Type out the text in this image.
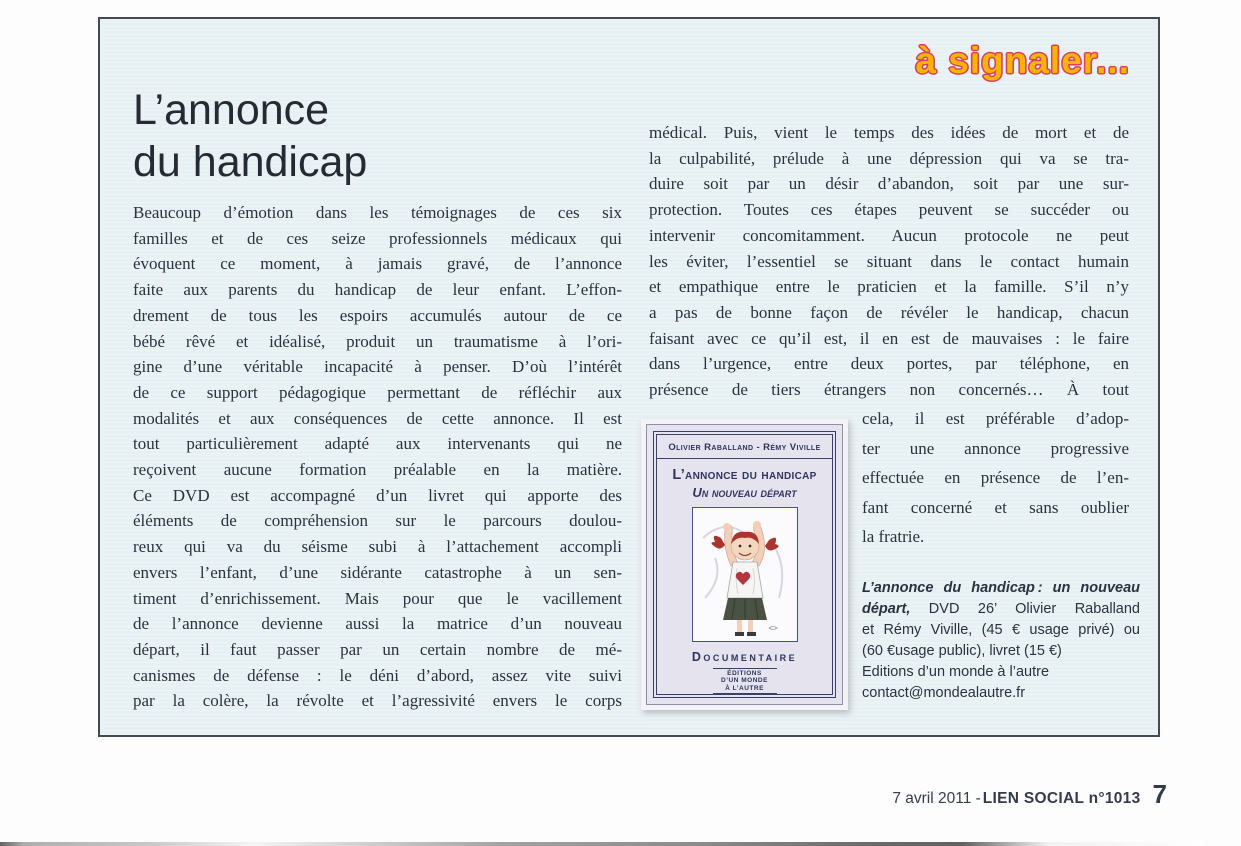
à signaler...
L’annonce
du handicap
Beaucoup d’émotion dans les témoignages de ces six
familles et de ces seize professionnels médicaux qui
évoquent ce moment, à jamais gravé, de l’annonce
faite aux parents du handicap de leur enfant. L’effon-
drement de tous les espoirs accumulés autour de ce
bébé rêvé et idéalisé, produit un traumatisme à l’ori-
gine d’une véritable incapacité à penser. D’où l’intérêt
de ce support pédagogique permettant de réfléchir aux
modalités et aux conséquences de cette annonce. Il est
tout particulièrement adapté aux intervenants qui ne
reçoivent aucune formation préalable en la matière.
Ce DVD est accompagné d’un livret qui apporte des
éléments de compréhension sur le parcours doulou-
reux qui va du séisme subi à l’attachement accompli
envers l’enfant, d’une sidérante catastrophe à un sen-
timent d’enrichissement. Mais pour que le vacillement
de l’annonce devienne aussi la matrice d’un nouveau
départ, il faut passer par un certain nombre de mé-
canismes de défense : le déni d’abord, assez vite suivi
par la colère, la révolte et l’agressivité envers le corps
médical. Puis, vient le temps des idées de mort et de
la culpabilité, prélude à une dépression qui va se tra-
duire soit par un désir d’abandon, soit par une sur-
protection. Toutes ces étapes peuvent se succéder ou
intervenir concomitamment. Aucun protocole ne peut
les éviter, l’essentiel se situant dans le contact humain
et empathique entre le praticien et la famille. S’il n’y
a pas de bonne façon de révéler le handicap, chacun
faisant avec ce qu’il est, il en est de mauvaises : le faire
dans l’urgence, entre deux portes, par téléphone, en
présence de tiers étrangers non concernés… À tout
cela, il est préférable d’adop-
ter une annonce progressive
effectuée en présence de l’en-
fant concerné et sans oublier
la fratrie.
Olivier Raballand - Rémy Viville
L’annonce du handicap
Un nouveau départ
Documentaire
ÉDITIONS
D’UN MONDE
À L’AUTRE
L’annonce du handicap : un nouveau
départ, DVD 26’ Olivier Raballand
et Rémy Viville, (45 € usage privé) ou
(60 €usage public), livret (15 €)
Editions d’un monde à l’autre
contact@mondealautre.fr
7 avril 2011 - LIEN SOCIAL n°1013 7
